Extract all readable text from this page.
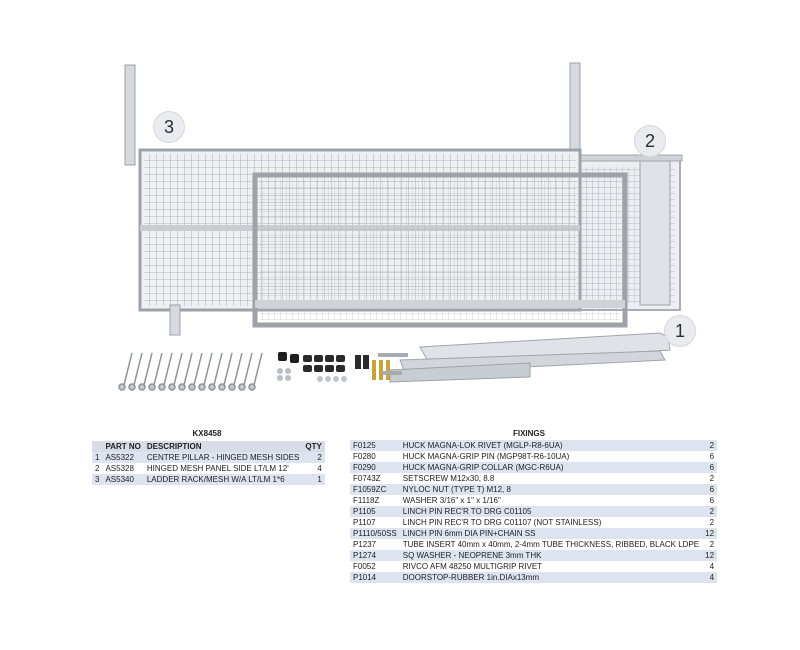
3
2
1
KX8458
	PART NO	DESCRIPTION	QTY
1	AS5322	CENTRE PILLAR - HINGED MESH SIDES	2
2	AS5328	HINGED MESH PANEL SIDE LT/LM 12'	4
3	AS5340	LADDER RACK/MESH W/A LT/LM 1*6	1
FIXINGS
F0125	HUCK MAGNA-LOK RIVET (MGLP-R8-6UA)	2
F0280	HUCK MAGNA-GRIP PIN (MGP98T-R6-10UA)	6
F0290	HUCK MAGNA-GRIP COLLAR (MGC-R6UA)	6
F0743Z	SETSCREW M12x30, 8.8	2
F1059ZC	NYLOC NUT (TYPE T) M12, 8	6
F1118Z	WASHER 3/16" x 1" x 1/16"	6
P1105	LINCH PIN REC'R TO DRG C01105	2
P1107	LINCH PIN REC'R TO DRG C01107 (NOT STAINLESS)	2
P1110/50SS	LINCH PIN 6mm DIA PIN+CHAIN SS	12
P1237	TUBE INSERT 40mm x 40mm, 2-4mm TUBE THICKNESS, RIBBED, BLACK LDPE	2
P1274	SQ WASHER - NEOPRENE 3mm THK	12
F0052	RIVCO AFM 48250 MULTIGRIP RIVET	4
P1014	DOORSTOP-RUBBER 1in.DIAx13mm	4
